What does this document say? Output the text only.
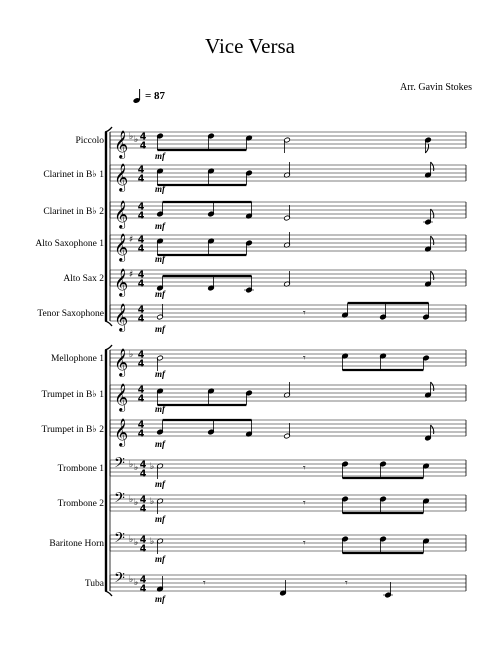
Vice Versa
Arr. Gavin Stokes
= 87
Piccolo
Clarinet in B♭ 1
Clarinet in B♭ 2
Alto Saxophone 1
Alto Sax 2
Tenor Saxophone
Mellophone 1
Trumpet in B♭ 1
Trumpet in B♭ 2
Trombone 1
Trombone 2
Baritone Horn
Tuba
𝄞 ♭ ♭ 4
4
mf
𝄞 4
4
mf
𝄞 4
4
mf
𝄞 ♯ 4
4
mf
𝄞 ♯ 4
4
mf
𝄞 4
4	𝄾
mf
𝄞 ♭ 4
4	𝄾
mf
𝄞 4
4
mf
𝄞 4
4
mf
𝄢 ♭ ♭ 4
4
♭	𝄾
mf
𝄢 ♭ ♭ 4
4
♭	𝄾
mf
𝄢 ♭ ♭ 4
4
♭	𝄾
mf
𝄢 ♭ ♭ 4
4	𝄾	𝄾
mf
